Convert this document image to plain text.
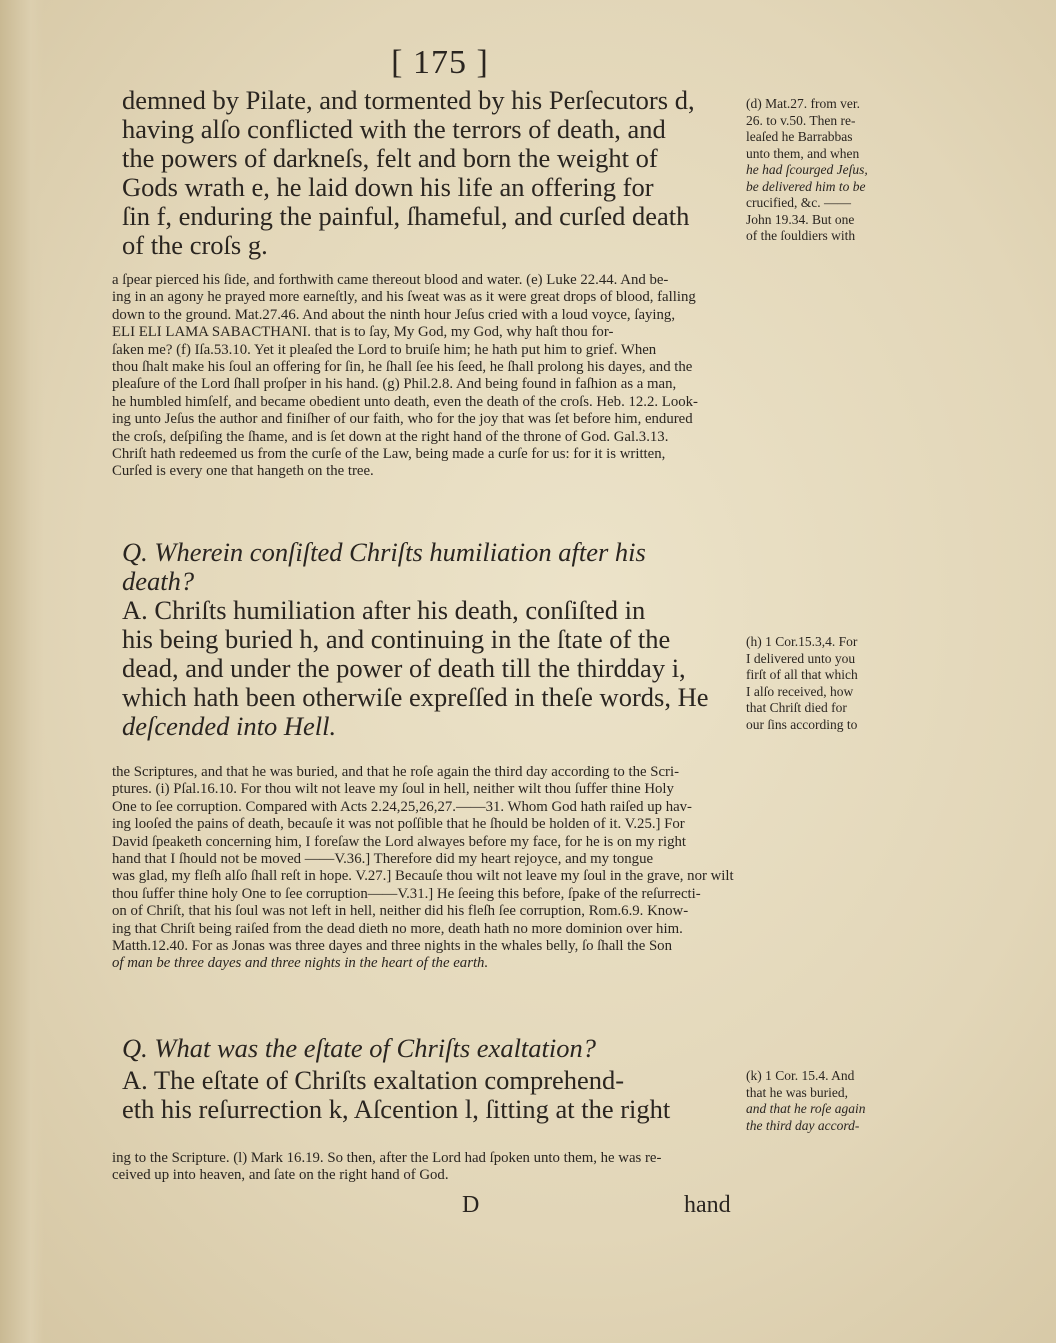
[ 175 ]
demned by Pilate, and tormented by his Perſecutors d,
having alſo conflicted with the terrors of death, and
the powers of darkneſs, felt and born the weight of
Gods wrath e, he laid down his life an offering for
ſin f, enduring the painful, ſhameful, and curſed death
of the croſs g.
(d) Mat.27. from ver.
26. to v.50. Then re-
leaſed he Barrabbas
unto them, and when
he had ſcourged Jeſus,
be delivered him to be
crucified, &c. ——
John 19.34. But one
of the ſouldiers with
a ſpear pierced his ſide, and forthwith came thereout blood and water. (e) Luke 22.44. And be-
ing in an agony he prayed more earneſtly, and his ſweat was as it were great drops of blood, falling
down to the ground. Mat.27.46. And about the ninth hour Jeſus cried with a loud voyce, ſaying,
ELI ELI LAMA SABACTHANI. that is to ſay, My God, my God, why haſt thou for-
ſaken me? (f) Iſa.53.10. Yet it pleaſed the Lord to bruiſe him; he hath put him to grief. When
thou ſhalt make his ſoul an offering for ſin, he ſhall ſee his ſeed, he ſhall prolong his dayes, and the
pleaſure of the Lord ſhall proſper in his hand. (g) Phil.2.8. And being found in faſhion as a man,
he humbled himſelf, and became obedient unto death, even the death of the croſs. Heb. 12.2. Look-
ing unto Jeſus the author and finiſher of our faith, who for the joy that was ſet before him, endured
the croſs, deſpiſing the ſhame, and is ſet down at the right hand of the throne of God. Gal.3.13.
Chriſt hath redeemed us from the curſe of the Law, being made a curſe for us: for it is written,
Curſed is every one that hangeth on the tree.
Q. Wherein conſiſted Chriſts humiliation after his
death?
A. Chriſts humiliation after his death, conſiſted in
his being buried h, and continuing in the ſtate of the
dead, and under the power of death till the thirdday i,
which hath been otherwiſe expreſſed in theſe words, He
deſcended into Hell.
(h) 1 Cor.15.3,4. For
I delivered unto you
firſt of all that which
I alſo received, how
that Chriſt died for
our ſins according to
the Scriptures, and that he was buried, and that he roſe again the third day according to the Scri-
ptures. (i) Pſal.16.10. For thou wilt not leave my ſoul in hell, neither wilt thou ſuffer thine Holy
One to ſee corruption. Compared with Acts 2.24,25,26,27.——31. Whom God hath raiſed up hav-
ing looſed the pains of death, becauſe it was not poſſible that he ſhould be holden of it. V.25.] For
David ſpeaketh concerning him, I foreſaw the Lord alwayes before my face, for he is on my right
hand that I ſhould not be moved ——V.36.] Therefore did my heart rejoyce, and my tongue
was glad, my fleſh alſo ſhall reſt in hope. V.27.] Becauſe thou wilt not leave my ſoul in the grave, nor wilt
thou ſuffer thine holy One to ſee corruption——V.31.] He ſeeing this before, ſpake of the reſurrecti-
on of Chriſt, that his ſoul was not left in hell, neither did his fleſh ſee corruption, Rom.6.9. Know-
ing that Chriſt being raiſed from the dead dieth no more, death hath no more dominion over him.
Matth.12.40. For as Jonas was three dayes and three nights in the whales belly, ſo ſhall the Son
of man be three dayes and three nights in the heart of the earth.
Q. What was the eſtate of Chriſts exaltation?
A. The eſtate of Chriſts exaltation comprehend-
eth his reſurrection k, Aſcention l, ſitting at the right
(k) 1 Cor. 15.4. And
that he was buried,
and that he roſe again
the third day accord-
ing to the Scripture. (l) Mark 16.19. So then, after the Lord had ſpoken unto them, he was re-
ceived up into heaven, and ſate on the right hand of God.
D	hand
